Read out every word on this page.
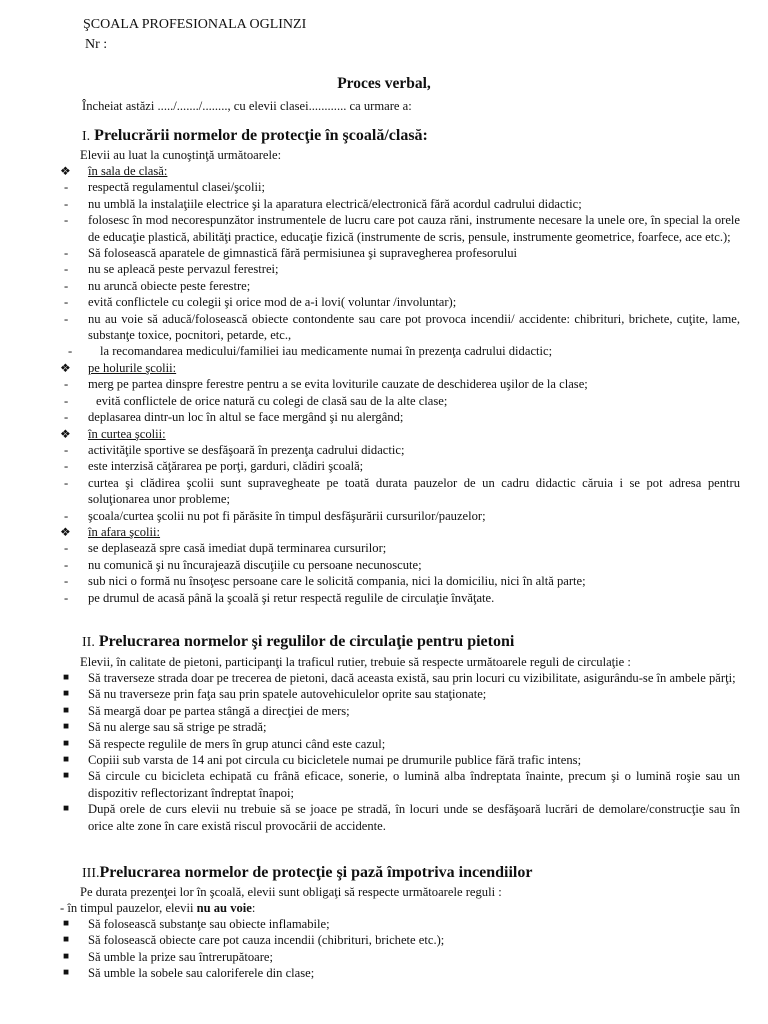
ŞCOALA PROFESIONALA OGLINZI
Nr :
Proces verbal,
Încheiat astăzi ...../......./........, cu elevii clasei............ ca urmare a:
I. Prelucrării normelor de protecţie în şcoală/clasă:
Elevii au luat la cunoştinţă următoarele:
❖ în sala de clasă:
- respectă regulamentul clasei/şcolii;
- nu umblă la instalaţiile electrice şi la aparatura electrică/electronică fără acordul cadrului didactic;
- folosesc în mod necorespunzător instrumentele de lucru care pot cauza răni, instrumente necesare la unele ore, în special la orele de educaţie plastică, abilităţi practice, educaţie fizică (instrumente de scris, pensule, instrumente geometrice, foarfece, ace etc.);
- Să folosească aparatele de gimnastică fără permisiunea şi supravegherea profesorului
- nu se apleacă peste pervazul ferestrei;
- nu aruncă obiecte peste ferestre;
- evită conflictele cu colegii şi orice mod de a-i lovi( voluntar /involuntar);
- nu au voie să aducă/folosească obiecte contondente sau care pot provoca incendii/ accidente: chibrituri, brichete, cuţite, lame, substanţe toxice, pocnitori, petarde, etc.,
- la recomandarea medicului/familiei iau medicamente numai în prezenţa cadrului didactic;
❖ pe holurile şcolii:
- merg pe partea dinspre ferestre pentru a se evita loviturile cauzate de deschiderea uşilor de la clase;
- evită conflictele de orice natură cu colegi de clasă sau de la alte clase;
- deplasarea dintr-un loc în altul se face mergând şi nu alergând;
❖ în curtea şcolii:
- activităţile sportive se desfăşoară în prezenţa cadrului didactic;
- este interzisă căţărarea pe porţi, garduri, clădiri şcoală;
- curtea şi clădirea şcolii sunt supravegheate pe toată durata pauzelor de un cadru didactic căruia i se pot adresa pentru soluţionarea unor probleme;
- şcoala/curtea şcolii nu pot fi părăsite în timpul desfăşurării cursurilor/pauzelor;
❖ în afara şcolii:
- se deplasează spre casă imediat după terminarea cursurilor;
- nu comunică şi nu încurajează discuţiile cu persoane necunoscute;
- sub nici o formă nu însoţesc persoane care le solicită compania, nici la domiciliu, nici în altă parte;
- pe drumul de acasă până la şcoală şi retur respectă regulile de circulaţie învăţate.
II. Prelucrarea normelor şi regulilor de circulaţie pentru pietoni
Elevii, în calitate de pietoni, participanţi la traficul rutier, trebuie să respecte următoarele reguli de circulaţie :
■ Să traverseze strada doar pe trecerea de pietoni, dacă aceasta există, sau prin locuri cu vizibilitate, asigurându-se în ambele părţi;
■ Să nu traverseze prin faţa sau prin spatele autovehiculelor oprite sau staţionate;
■ Să meargă doar pe partea stângă a direcţiei de mers;
■ Să nu alerge sau să strige pe stradă;
■ Să respecte regulile de mers în grup atunci când este cazul;
■ Copiii sub varsta de 14 ani pot circula cu bicicletele numai pe drumurile publice fără trafic intens;
■ Să circule cu bicicleta echipată cu frână eficace, sonerie, o lumină alba îndreptata înainte, precum şi o lumină roşie sau un dispozitiv reflectorizant îndreptat înapoi;
■ După orele de curs elevii nu trebuie să se joace pe stradă, în locuri unde se desfăşoară lucrări de demolare/construcţie sau în orice alte zone în care există riscul provocării de accidente.
III.Prelucrarea normelor de protecţie şi pază împotriva incendiilor
Pe durata prezenţei lor în şcoală, elevii sunt obligaţi să respecte următoarele reguli :
- în timpul pauzelor, elevii nu au voie:
■ Să folosească substanţe sau obiecte inflamabile;
■ Să folosească obiecte care pot cauza incendii (chibrituri, brichete etc.);
■ Să umble la prize sau întrerupătoare;
■ Să umble la sobele sau caloriferele din clase;
